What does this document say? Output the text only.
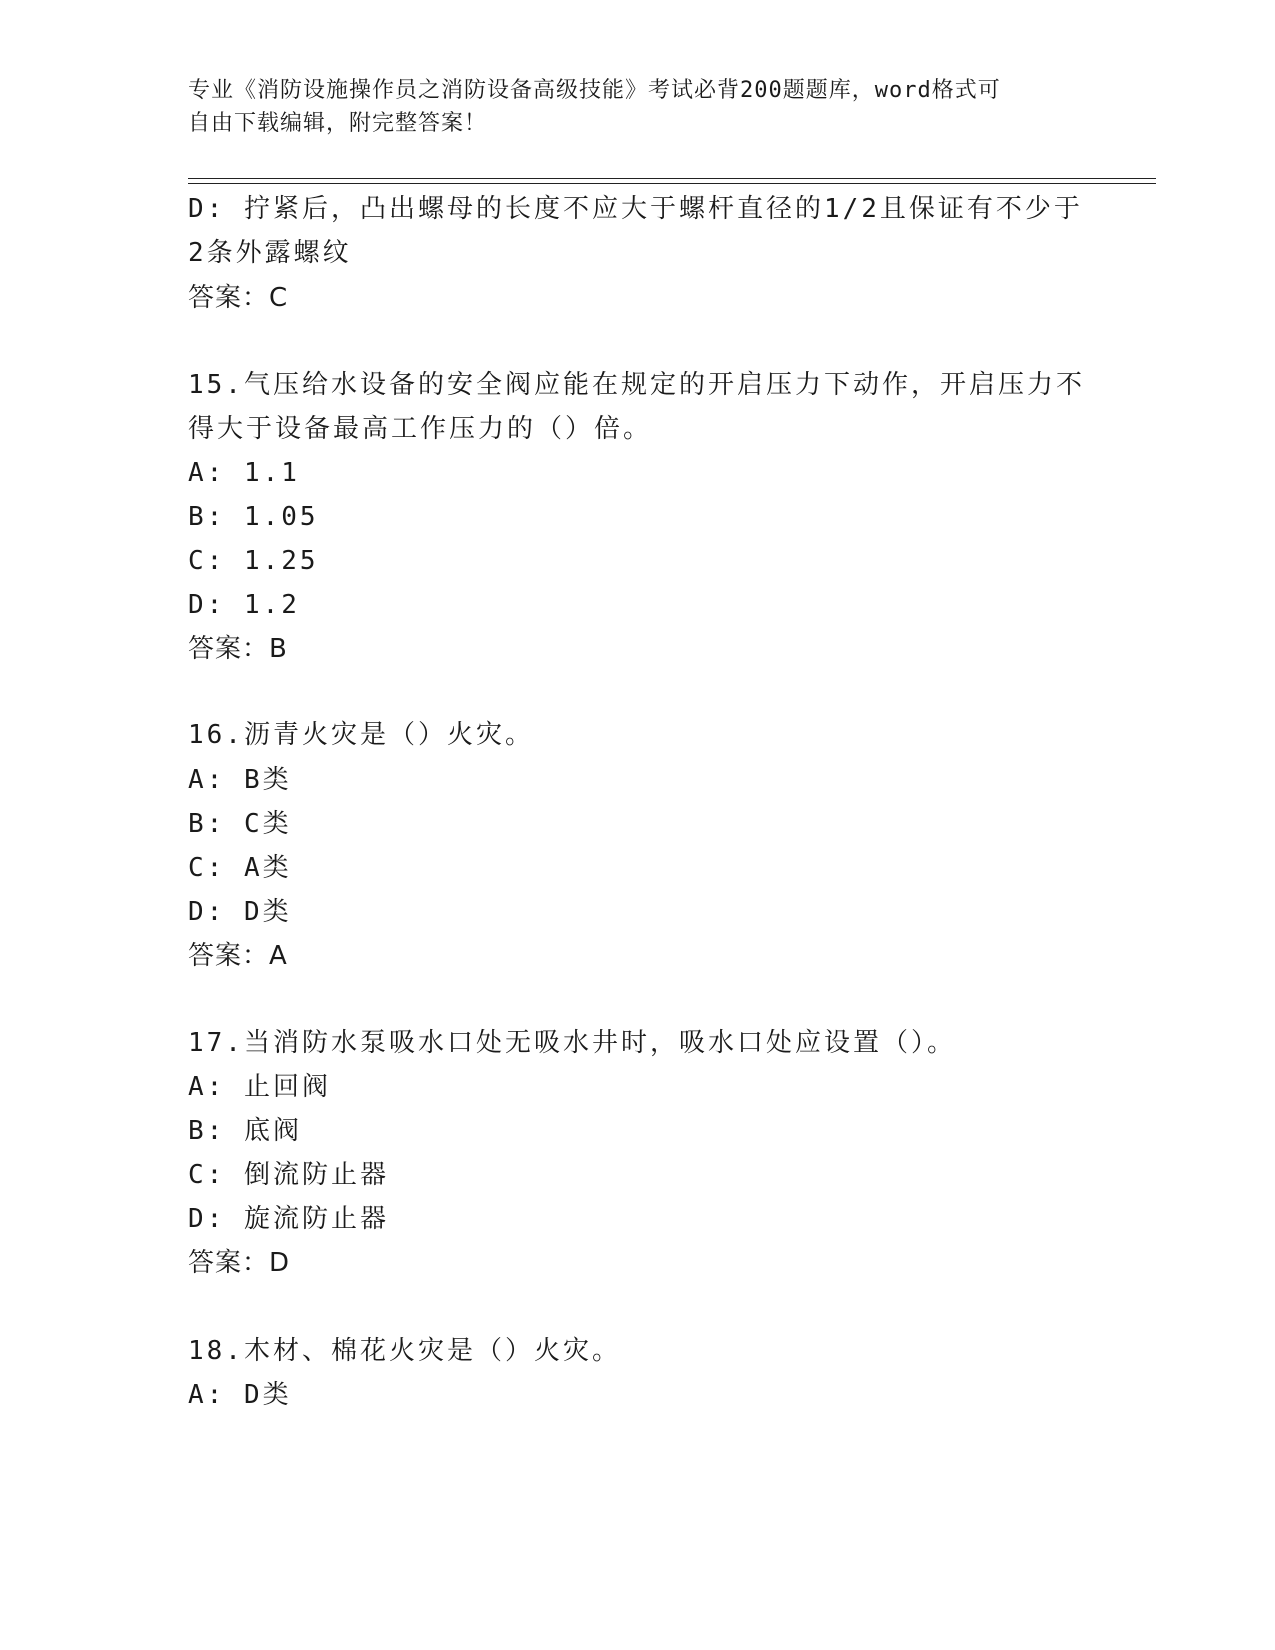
专业《消防设施操作员之消防设备高级技能》考试必背200题题库，word格式可
自由下载编辑，附完整答案！
D: 拧紧后，凸出螺母的长度不应大于螺杆直径的1/2且保证有不少于
2条外露螺纹
答案：C
15.气压给水设备的安全阀应能在规定的开启压力下动作，开启压力不
得大于设备最高工作压力的（）倍。
A: 1.1
B: 1.05
C: 1.25
D: 1.2
答案：B
16.沥青火灾是（）火灾。
A: B类
B: C类
C: A类
D: D类
答案：A
17.当消防水泵吸水口处无吸水井时，吸水口处应设置（）。
A: 止回阀
B: 底阀
C: 倒流防止器
D: 旋流防止器
答案：D
18.木材、棉花火灾是（）火灾。
A: D类
